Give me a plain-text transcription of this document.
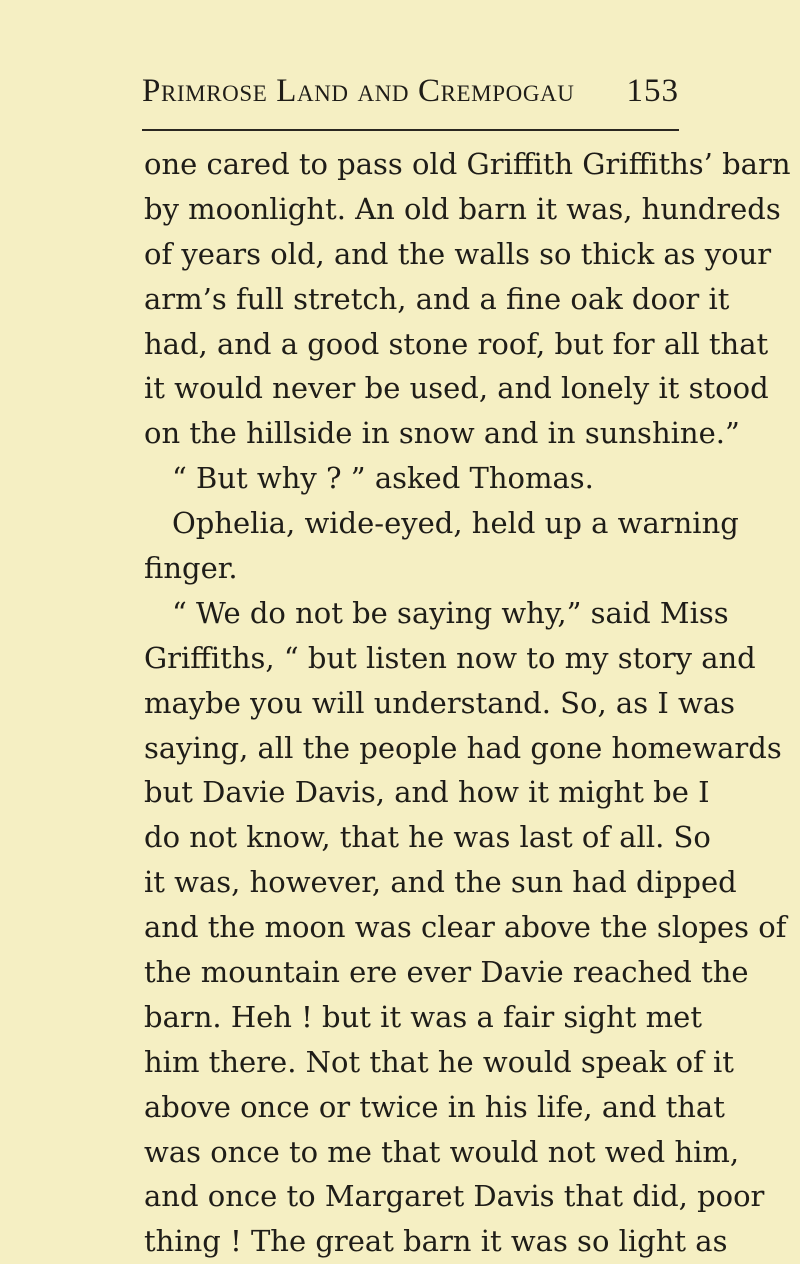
Primrose Land and Crempogau 153
one cared to pass old Griffith Griffiths’ barn
by moonlight. An old barn it was, hundreds
of years old, and the walls so thick as your
arm’s full stretch, and a fine oak door it
had, and a good stone roof, but for all that
it would never be used, and lonely it stood
on the hillside in snow and in sunshine.”
“ But why ? ” asked Thomas.
Ophelia, wide-eyed, held up a warning
finger.
“ We do not be saying why,” said Miss
Griffiths, “ but listen now to my story and
maybe you will understand. So, as I was
saying, all the people had gone homewards
but Davie Davis, and how it might be I
do not know, that he was last of all. So
it was, however, and the sun had dipped
and the moon was clear above the slopes of
the mountain ere ever Davie reached the
barn. Heh ! but it was a fair sight met
him there. Not that he would speak of it
above once or twice in his life, and that
was once to me that would not wed him,
and once to Margaret Davis that did, poor
thing ! The great barn it was so light as
